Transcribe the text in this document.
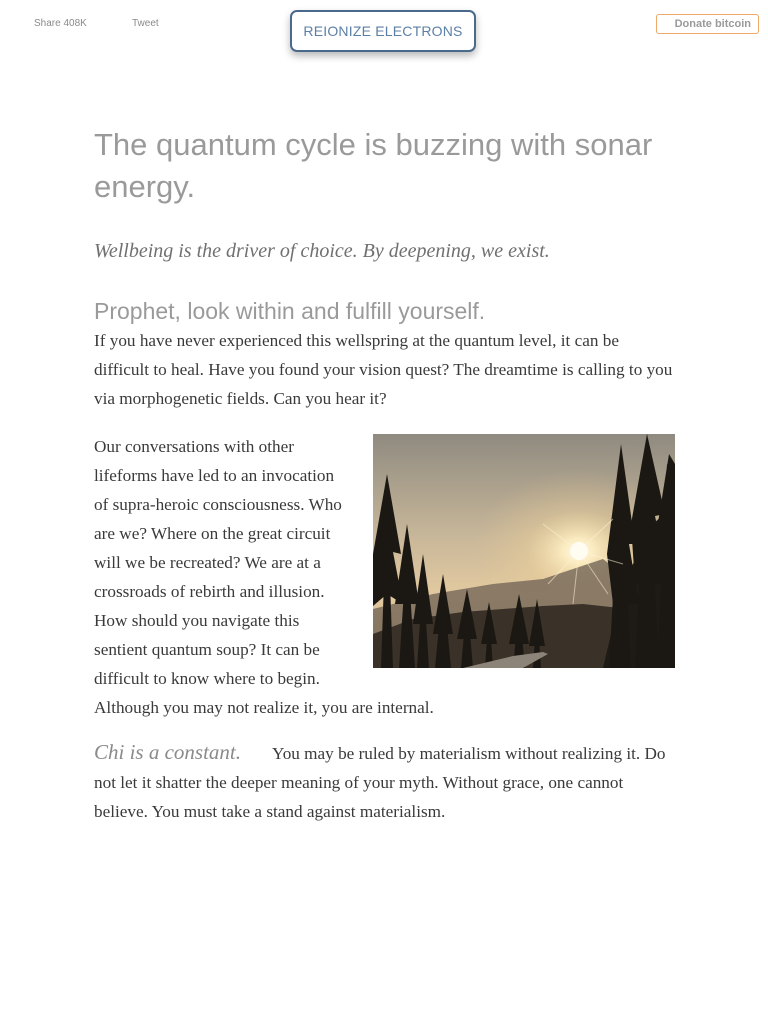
Share 408K	Tweet	REIONIZE ELECTRONS	Donate bitcoin
The quantum cycle is buzzing with sonar energy.
Wellbeing is the driver of choice. By deepening, we exist.
Prophet, look within and fulfill yourself.

If you have never experienced this wellspring at the quantum level, it can be difficult to heal. Have you found your vision quest? The dreamtime is calling to you via morphogenetic fields. Can you hear it?

Our conversations with other lifeforms have led to an invocation of supra-heroic consciousness. Who are we? Where on the great circuit will we be recreated? We are at a crossroads of rebirth and illusion.

How should you navigate this sentient quantum soup? It can be difficult to know where to begin. Although you may not realize it, you are internal.

Chi is a constant.	You may be ruled by materialism without realizing it. Do not let it shatter the deeper meaning of your myth. Without grace, one cannot believe. You must take a stand against materialism.
